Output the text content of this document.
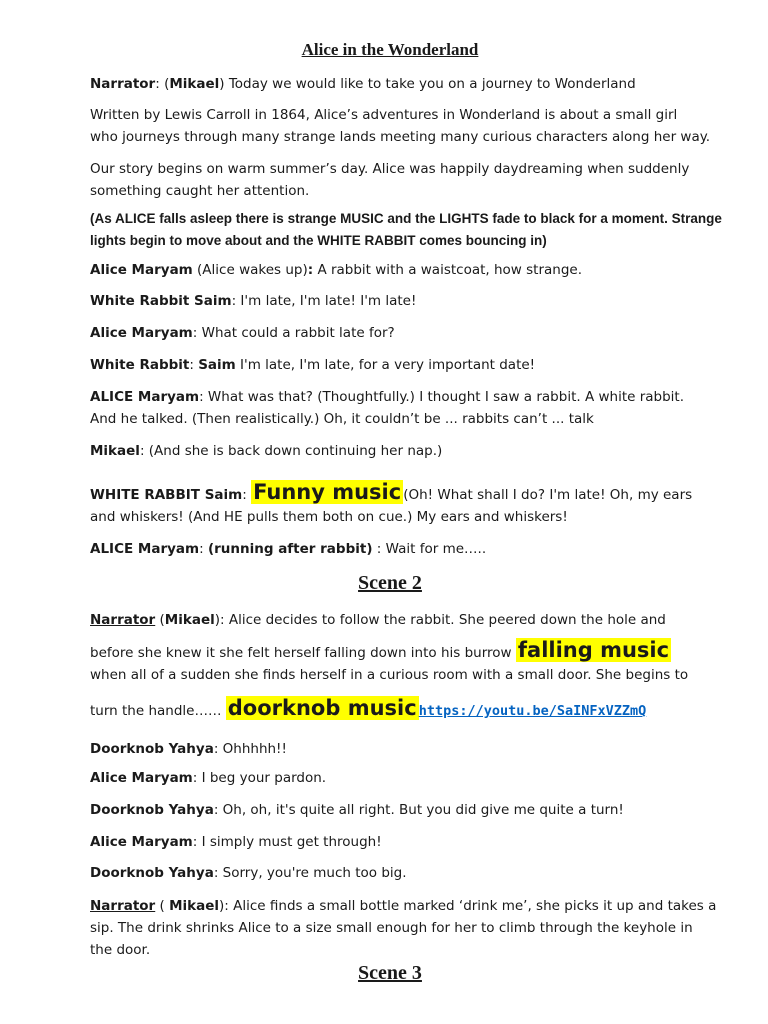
Alice in the Wonderland
Narrator: (Mikael) Today we would like to take you on a journey to Wonderland
Written by Lewis Carroll in 1864, Alice’s adventures in Wonderland is about a small girl
who journeys through many strange lands meeting many curious characters along her way.
Our story begins on warm summer’s day. Alice was happily daydreaming when suddenly
something caught her attention.
(As ALICE falls asleep there is strange MUSIC and the LIGHTS fade to black for a moment. Strange
lights begin to move about and the WHITE RABBIT comes bouncing in)
Alice Maryam (Alice wakes up): A rabbit with a waistcoat, how strange.
White Rabbit Saim: I'm late, I'm late! I'm late!
Alice Maryam: What could a rabbit late for?
White Rabbit: Saim I'm late, I'm late, for a very important date!
ALICE Maryam: What was that? (Thoughtfully.) I thought I saw a rabbit. A white rabbit.
And he talked. (Then realistically.) Oh, it couldn’t be ... rabbits can’t ... talk
Mikael: (And she is back down continuing her nap.)
WHITE RABBIT Saim: Funny music (Oh! What shall I do? I'm late! Oh, my ears
and whiskers! (And HE pulls them both on cue.) My ears and whiskers!
ALICE Maryam: (running after rabbit) : Wait for me…..
Scene 2
Narrator (Mikael): Alice decides to follow the rabbit. She peered down the hole and
before she knew it she felt herself falling down into his burrow falling music
when all of a sudden she finds herself in a curious room with a small door. She begins to
turn the handle…… doorknob music https://youtu.be/SaINFxVZZmQ
Doorknob Yahya: Ohhhhh!!
Alice Maryam: I beg your pardon.
Doorknob Yahya: Oh, oh, it's quite all right. But you did give me quite a turn!
Alice Maryam: I simply must get through!
Doorknob Yahya: Sorry, you're much too big.
Narrator ( Mikael): Alice finds a small bottle marked ‘drink me’, she picks it up and takes a
sip. The drink shrinks Alice to a size small enough for her to climb through the keyhole in
the door.
Scene 3
